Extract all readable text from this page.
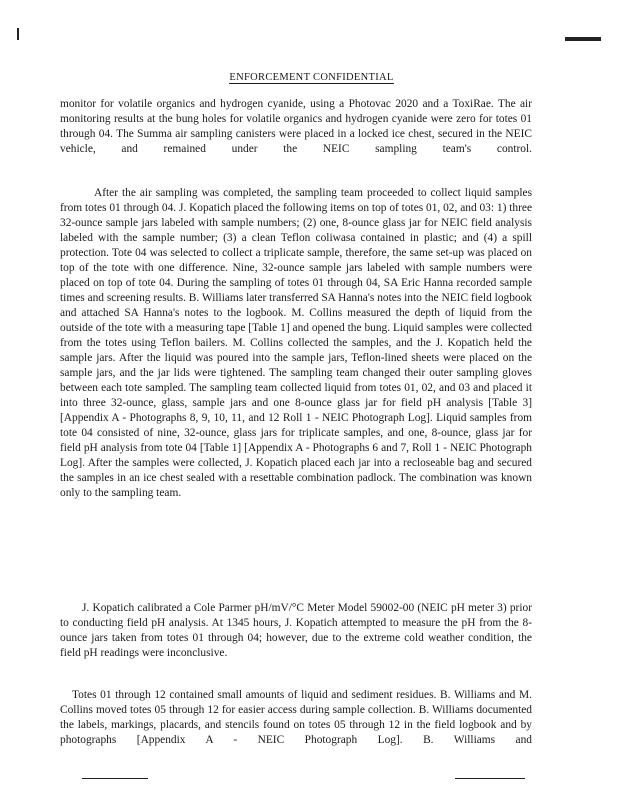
ENFORCEMENT CONFIDENTIAL

monitor for volatile organics and hydrogen cyanide, using a Photovac 2020 and a ToxiRae. The air monitoring results at the bung holes for volatile organics and hydrogen cyanide were zero for totes 01 through 04. The Summa air sampling canisters were placed in a locked ice chest, secured in the NEIC vehicle, and remained under the NEIC sampling team's control.

After the air sampling was completed, the sampling team proceeded to collect liquid samples from totes 01 through 04. J. Kopatich placed the following items on top of totes 01, 02, and 03: 1) three 32-ounce sample jars labeled with sample numbers; (2) one, 8-ounce glass jar for NEIC field analysis labeled with the sample number; (3) a clean Teflon coliwasa contained in plastic; and (4) a spill protection. Tote 04 was selected to collect a triplicate sample, therefore, the same set-up was placed on top of the tote with one difference. Nine, 32-ounce sample jars labeled with sample numbers were placed on top of tote 04. During the sampling of totes 01 through 04, SA Eric Hanna recorded sample times and screening results. B. Williams later transferred SA Hanna's notes into the NEIC field logbook and attached SA Hanna's notes to the logbook. M. Collins measured the depth of liquid from the outside of the tote with a measuring tape [Table 1] and opened the bung. Liquid samples were collected from the totes using Teflon bailers. M. Collins collected the samples, and the J. Kopatich held the sample jars. After the liquid was poured into the sample jars, Teflon-lined sheets were placed on the sample jars, and the jar lids were tightened. The sampling team changed their outer sampling gloves between each tote sampled. The sampling team collected liquid from totes 01, 02, and 03 and placed it into three 32-ounce, glass, sample jars and one 8-ounce glass jar for field pH analysis [Table 3] [Appendix A - Photographs 8, 9, 10, 11, and 12 Roll 1 - NEIC Photograph Log]. Liquid samples from tote 04 consisted of nine, 32-ounce, glass jars for triplicate samples, and one, 8-ounce, glass jar for field pH analysis from tote 04 [Table 1] [Appendix A - Photographs 6 and 7, Roll 1 - NEIC Photograph Log]. After the samples were collected, J. Kopatich placed each jar into a recloseable bag and secured the samples in an ice chest sealed with a resettable combination padlock. The combination was known only to the sampling team.

J. Kopatich calibrated a Cole Parmer pH/mV/°C Meter Model 59002-00 (NEIC pH meter 3) prior to conducting field pH analysis. At 1345 hours, J. Kopatich attempted to measure the pH from the 8-ounce jars taken from totes 01 through 04; however, due to the extreme cold weather condition, the field pH readings were inconclusive.

Totes 01 through 12 contained small amounts of liquid and sediment residues. B. Williams and M. Collins moved totes 05 through 12 for easier access during sample collection. B. Williams documented the labels, markings, placards, and stencils found on totes 05 through 12 in the field logbook and by photographs [Appendix A - NEIC Photograph Log]. B. Williams and
